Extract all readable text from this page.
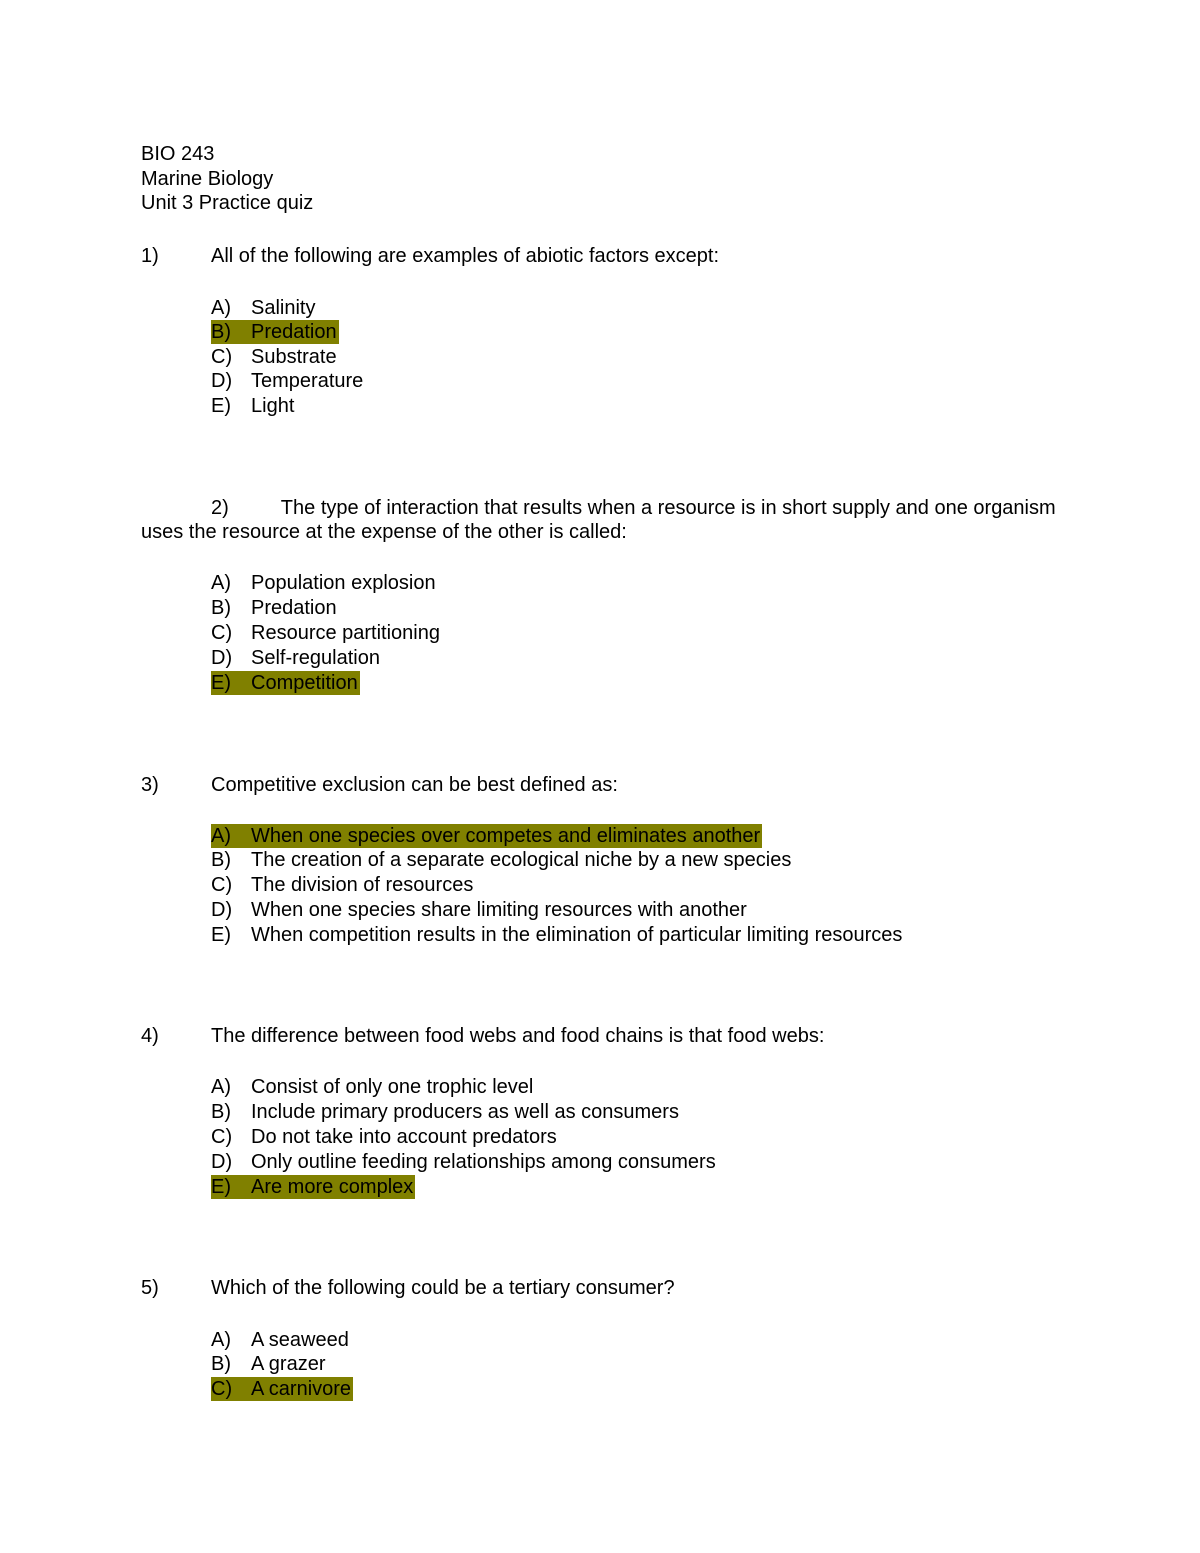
BIO 243
Marine Biology
Unit 3 Practice quiz
1)	All of the following are examples of abiotic factors except:
A) Salinity
B) Predation
C) Substrate
D) Temperature
E) Light
2)	The type of interaction that results when a resource is in short supply and one organism uses the resource at the expense of the other is called:
A) Population explosion
B) Predation
C) Resource partitioning
D) Self-regulation
E) Competition
3)	Competitive exclusion can be best defined as:
A) When one species over competes and eliminates another
B) The creation of a separate ecological niche by a new species
C) The division of resources
D) When one species share limiting resources with another
E) When competition results in the elimination of particular limiting resources
4)	The difference between food webs and food chains is that food webs:
A) Consist of only one trophic level
B) Include primary producers as well as consumers
C) Do not take into account predators
D) Only outline feeding relationships among consumers
E) Are more complex
5)	Which of the following could be a tertiary consumer?
A) A seaweed
B) A grazer
C) A carnivore
